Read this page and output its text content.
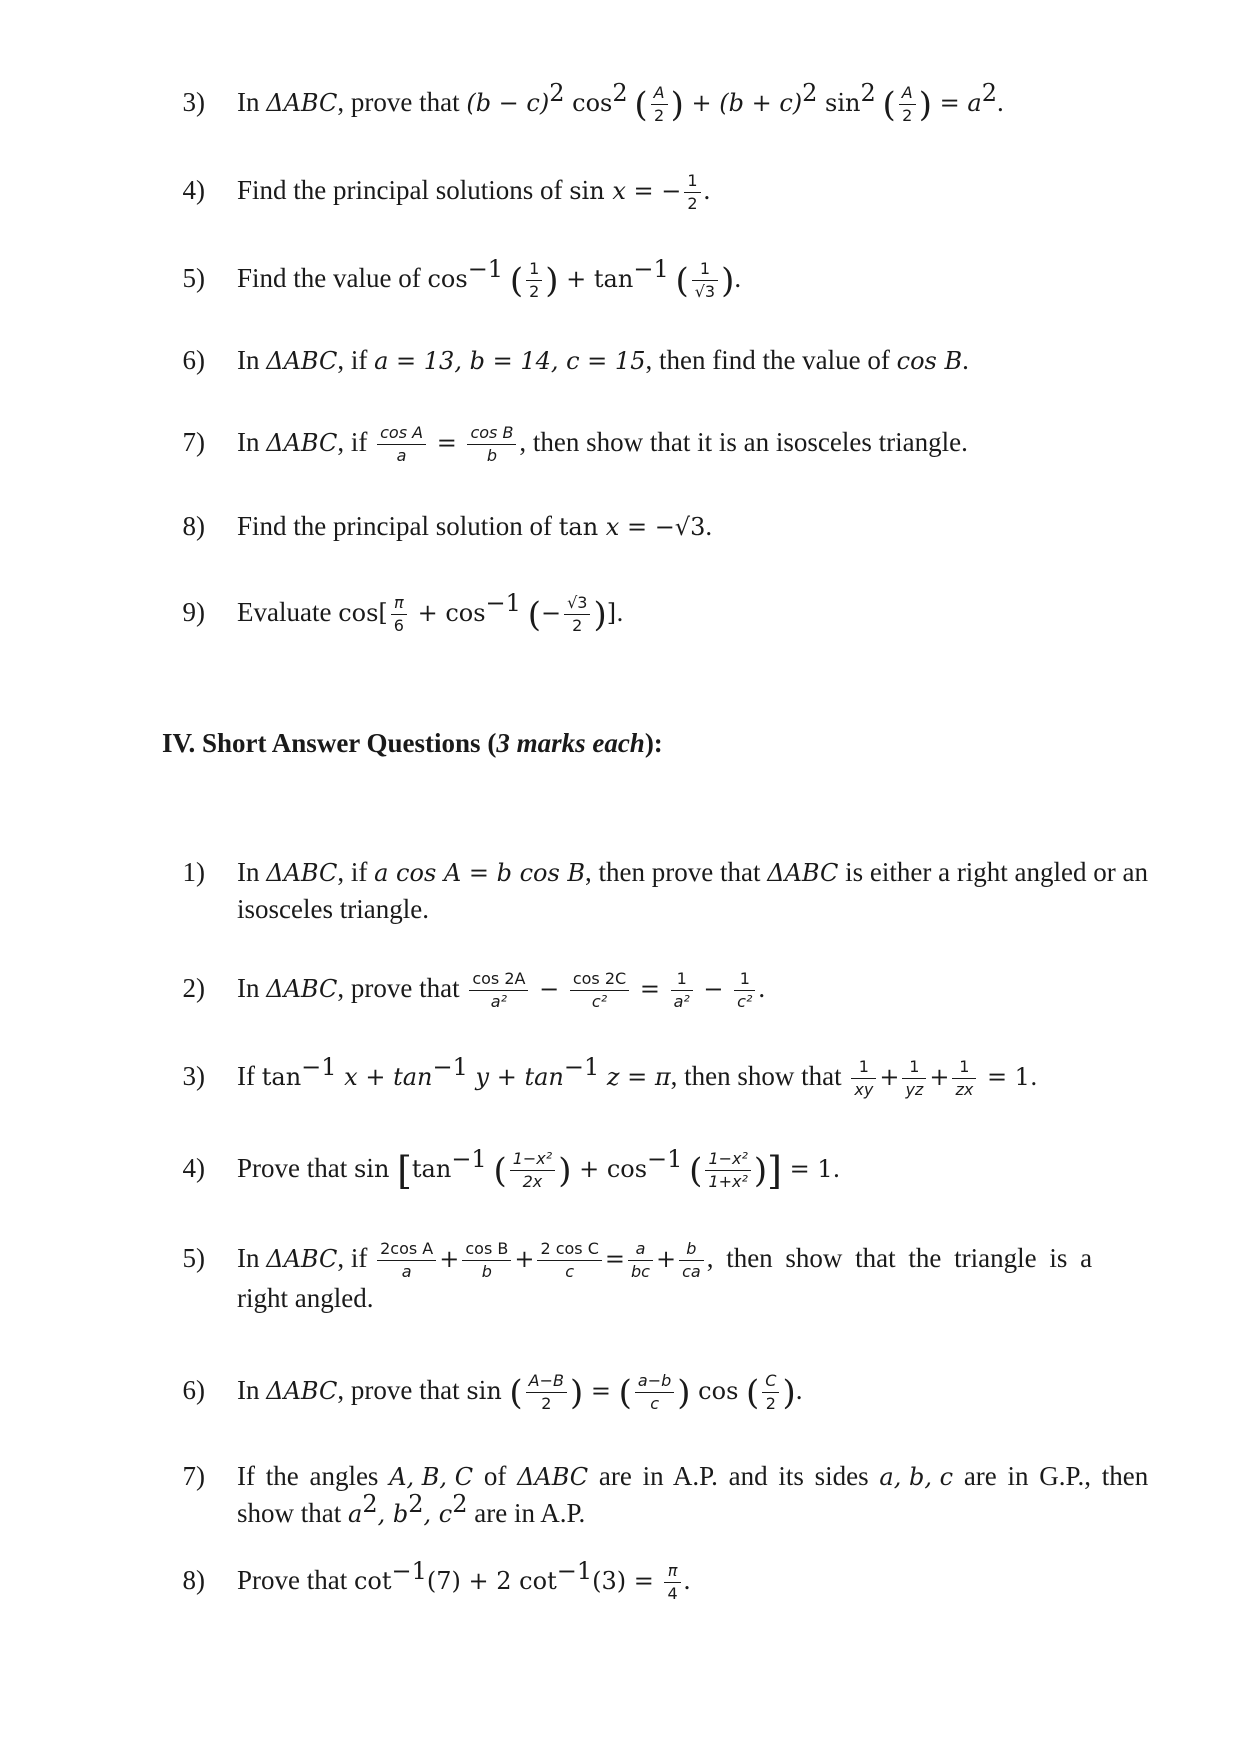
3) In ΔABC, prove that $(b - c)^2$ $\cos^2$ ( $\frac{A}{2}$ ) + $(b + c)^2$ $\sin^2$ ( $\frac{A}{2}$ ) = $a^2$.
4) Find the principal solutions of sin x = − $\frac{1}{2}$ .
5) Find the value of $\cos^{-1}$ ( $\frac{1}{2}$ ) + $\tan^{-1}$ ( $\frac{1}{√3}$ ).
6) In ΔABC, if a = 13, b = 14, c = 15, then find the value of cos B.
7) In ΔABC, if $\frac{\text{cos A}}{a} = \frac{\text{cos B}}{b}$ , then show that it is an isosceles triangle.
8) Find the principal solution of tan x = −√3.
9) Evaluate $\cos[ \frac{\pi}{6} + \cos^{-1}$ (− $\frac{√3}{2}$ )].
IV. Short Answer Questions (3 marks each):
1) In ΔABC, if a cos A = b cos B, then prove that ΔABC is either a right angled or an isosceles triangle.
2) In ΔABC, prove that $\frac{\cos 2A}{\text{a²}} - \frac{\cos 2C}{\text{c²}} = \frac{1}{\text{a²}} - \frac{1}{\text{c²}}$ .
3) If $\tan^{-1} x + \tan^{-1} y + \tan^{-1} z = \pi$, then show that $\frac{1}{xy} + \frac{1}{yz} + \frac{1}{zx} = 1$.
4) Prove that $\sin [\tan^{-1}$ ( $\frac{\text{1−x²}}{2x}$ ) + $\cos^{-1}$ ( $\frac{\text{1−x²}}{\text{1+x²}}$ )] = 1.
5) In ΔABC, if $\frac{\text{2cos A}}{a} + \frac{\text{cos B}}{b} + \frac{\text{2 cos C}}{c} = \frac{a}{bc} + \frac{b}{ca}$ , then show that the triangle is a
right angled.
6) In ΔABC, prove that sin ( $\frac{A-B}{2}$ ) = ( $\frac{a-b}{c}$ ) cos ( $\frac{C}{2}$ ).
7) If the angles A, B, C of ΔABC are in A.P. and its sides a, b, c are in G.P., then
show that $a^2$, $b^2$, $c^2$ are in A.P.
8) Prove that $\cot^{-1}(7) + 2$ $\cot^{-1}(3) = \frac{\pi}{4}$ .
